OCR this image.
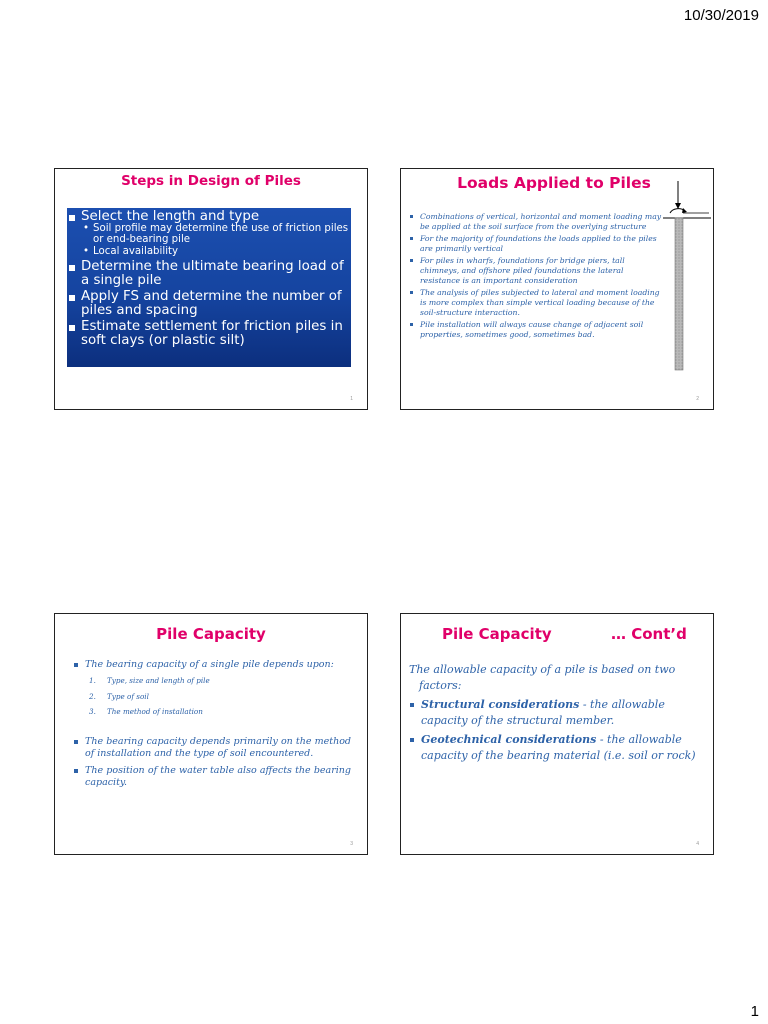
10/30/2019
Steps in Design of Piles
Select the length and type
• Soil profile may determine the use of friction piles or end-bearing pile
• Local availability
Determine the ultimate bearing load of a single pile
Apply FS and determine the number of piles and spacing
Estimate settlement for friction piles in soft clays (or plastic silt)
1
Loads Applied to Piles
Combinations of vertical, horizontal and moment loading may be applied at the soil surface from the overlying structure
For the majority of foundations the loads applied to the piles are primarily vertical
For piles in wharfs, foundations for bridge piers, tall chimneys, and offshore piled foundations the lateral resistance is an important consideration
The analysis of piles subjected to lateral and moment loading is more complex than simple vertical loading because of the soil-structure interaction.
Pile installation will always cause change of adjacent soil properties, sometimes good, sometimes bad.
2
Pile Capacity
The bearing capacity of a single pile depends upon:
1. Type, size and length of pile
2. Type of soil
3. The method of installation
The bearing capacity depends primarily on the method of installation and the type of soil encountered.
The position of the water table also affects the bearing capacity.
3
Pile Capacity	… Cont’d
The allowable capacity of a pile is based on two
factors:
Structural considerations - the allowable capacity of the structural member.
Geotechnical considerations - the allowable capacity of the bearing material (i.e. soil or rock)
4
1
